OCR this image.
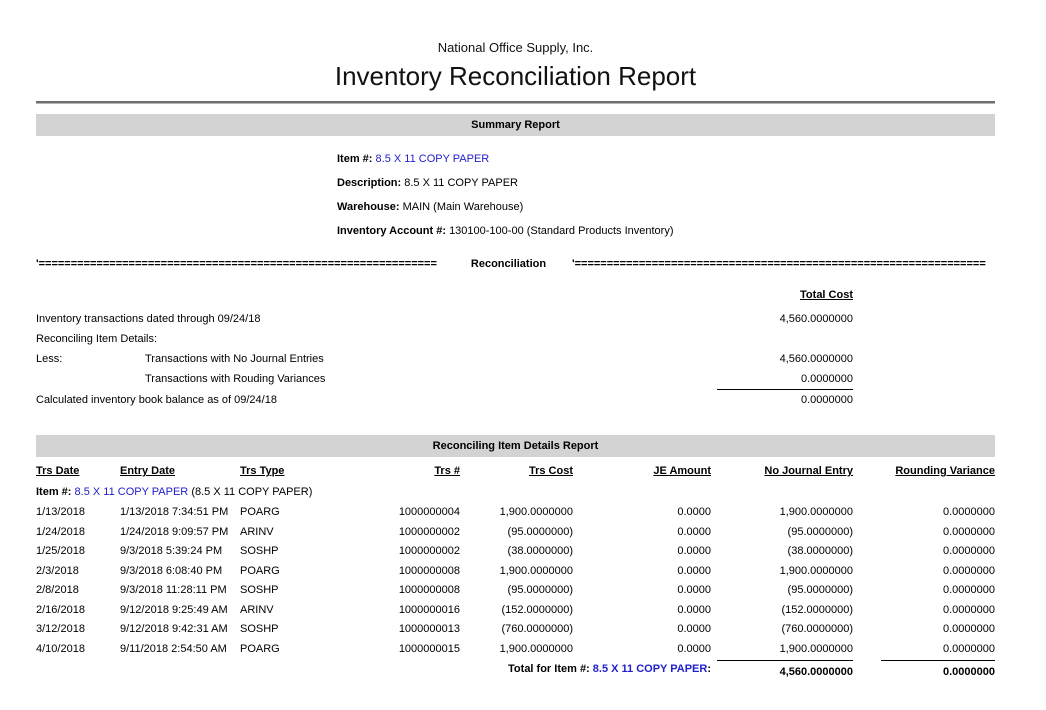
National Office Supply, Inc.
Inventory Reconciliation Report
Summary Report
Item #: 8.5 X 11 COPY PAPER
Description: 8.5 X 11 COPY PAPER
Warehouse: MAIN (Main Warehouse)
Inventory Account #: 130100-100-00 (Standard Products Inventory)
'==============================================================	Reconciliation	'================================================================
Total Cost
Inventory transactions dated through 09/24/18	4,560.0000000
Reconciling Item Details:
Less:	Transactions with No Journal Entries	4,560.0000000
Transactions with Rouding Variances	0.0000000
Calculated inventory book balance as of 09/24/18	0.0000000
Reconciling Item Details Report
Trs Date	Entry Date	Trs Type	Trs #	Trs Cost	JE Amount	No Journal Entry	Rounding Variance
Item #: 8.5 X 11 COPY PAPER (8.5 X 11 COPY PAPER)
1/13/2018	1/13/2018 7:34:51 PM	POARG	1000000004	1,900.0000000	0.0000	1,900.0000000	0.0000000
1/24/2018	1/24/2018 9:09:57 PM	ARINV	1000000002	(95.0000000)	0.0000	(95.0000000)	0.0000000
1/25/2018	9/3/2018 5:39:24 PM	SOSHP	1000000002	(38.0000000)	0.0000	(38.0000000)	0.0000000
2/3/2018	9/3/2018 6:08:40 PM	POARG	1000000008	1,900.0000000	0.0000	1,900.0000000	0.0000000
2/8/2018	9/3/2018 11:28:11 PM	SOSHP	1000000008	(95.0000000)	0.0000	(95.0000000)	0.0000000
2/16/2018	9/12/2018 9:25:49 AM	ARINV	1000000016	(152.0000000)	0.0000	(152.0000000)	0.0000000
3/12/2018	9/12/2018 9:42:31 AM	SOSHP	1000000013	(760.0000000)	0.0000	(760.0000000)	0.0000000
4/10/2018	9/11/2018 2:54:50 AM	POARG	1000000015	1,900.0000000	0.0000	1,900.0000000	0.0000000
Total for Item #: 8.5 X 11 COPY PAPER:	4,560.0000000	0.0000000
